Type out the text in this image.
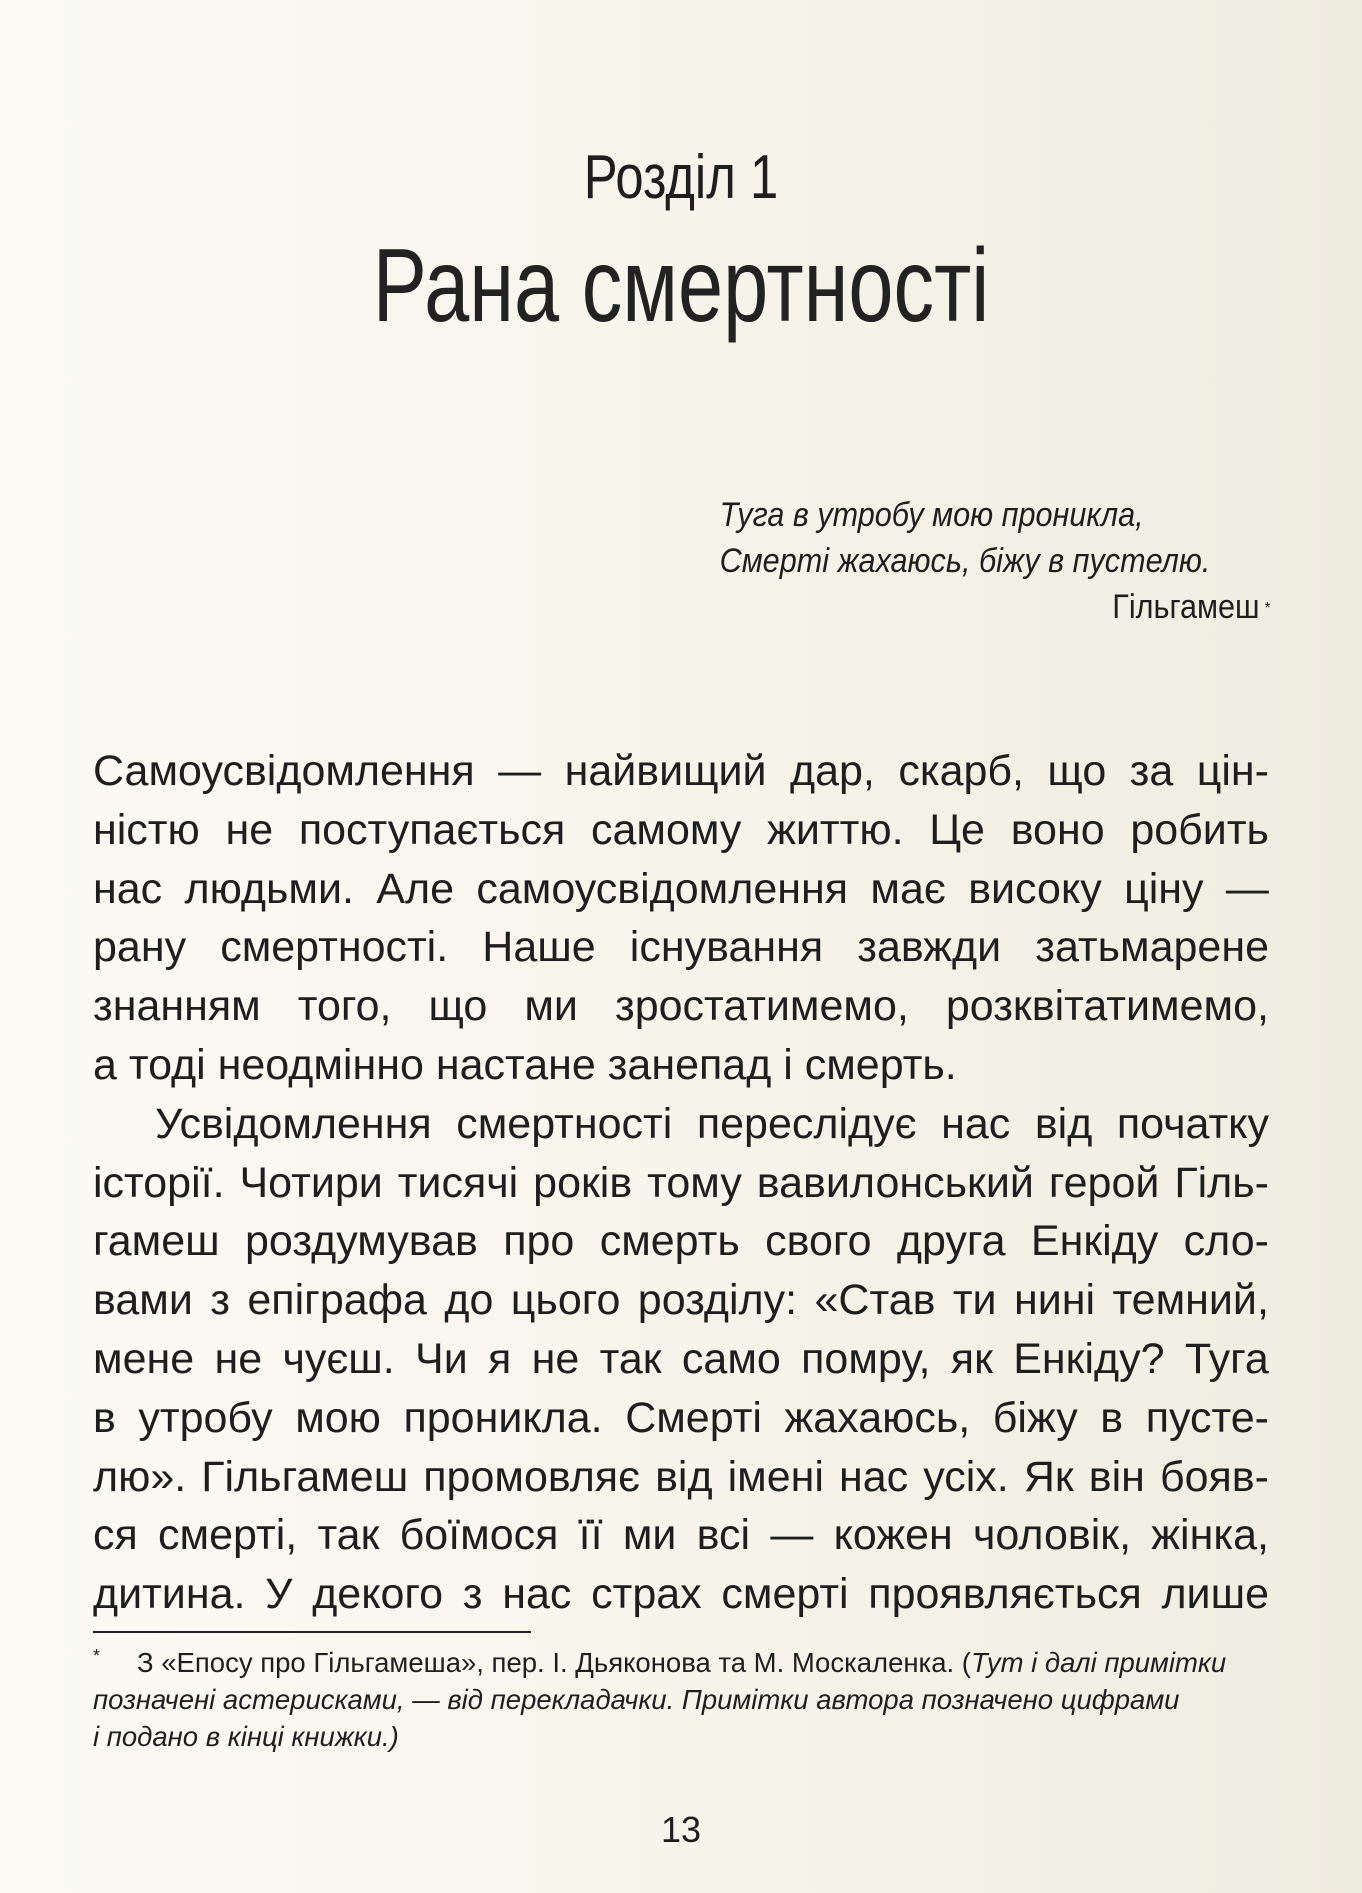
Розділ 1
Рана смертності
Туга в утробу мою проникла,
Смерті жахаюсь, біжу в пустелю.
Гільгамеш *
Самоусвідомлення — найвищий дар, скарб, що за цін-
ністю не поступається самому життю. Це воно робить
нас людьми. Але самоусвідомлення має високу ціну —
рану смертності. Наше існування завжди затьмарене
знанням того, що ми зростатимемо, розквітатимемо,
а тоді неодмінно настане занепад і смерть.
Усвідомлення смертності переслідує нас від початку
історії. Чотири тисячі років тому вавилонський герой Гіль-
гамеш роздумував про смерть свого друга Енкіду сло-
вами з епіграфа до цього розділу: «Став ти нині темний,
мене не чуєш. Чи я не так само помру, як Енкіду? Туга
в утробу мою проникла. Смерті жахаюсь, біжу в пусте-
лю». Гільгамеш промовляє від імені нас усіх. Як він бояв-
ся смерті, так боїмося її ми всі — кожен чоловік, жінка,
дитина. У декого з нас страх смерті проявляється лише
* З «Епосу про Гільгамеша», пер. І. Дьяконова та М. Москаленка. (Тут і далі примітки
позначені астерисками, — від перекладачки. Примітки автора позначено цифрами
і подано в кінці книжки.)
13
